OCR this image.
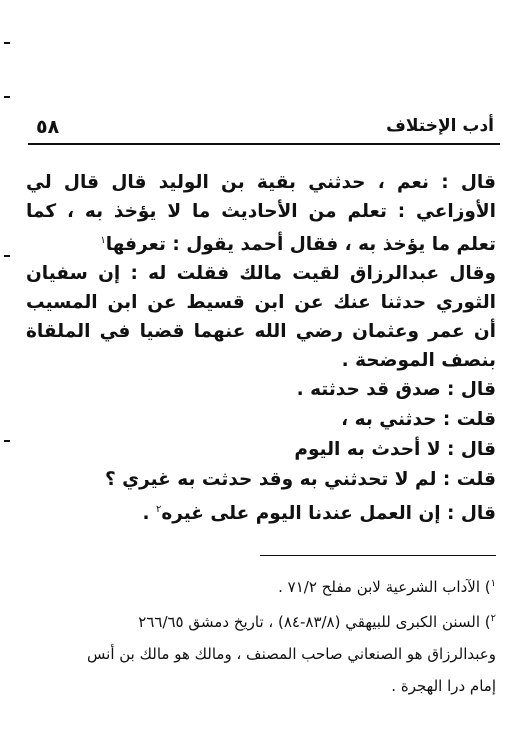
٥٨	أدب الإختلاف

قال : نعم ، حدثني بقية بن الوليد قال قال لي الأوزاعي : تعلم من الأحاديث ما لا يؤخذ به ، كما تعلم ما يؤخذ به ، فقال أحمد يقول : تعرفها$^١$

وقال عبدالرزاق لقيت مالك فقلت له : إن سفيان الثوري حدثنا عنك عن ابن قسيط عن ابن المسيب أن عمر وعثمان رضي الله عنهما قضيا في الملقاة بنصف الموضحة .

قال : صدق قد حدثته .

قلت : حدثني به ،

قال : لا أحدث به اليوم

قلت : لم لا تحدثني به وقد حدثت به غيري ؟

قال : إن العمل عندنا اليوم على غيره$^٢$ .

$^١$) الآداب الشرعية لابن مفلح ٧١/٢ .

$^٢$) السنن الكبرى للبيهقي (٨٣/٨-٨٤) ، تاريخ دمشق ٢٦٦/٦٥

وعبدالرزاق هو الصنعاني صاحب المصنف ، ومالك هو مالك بن أنس

إمام درا الهجرة .
